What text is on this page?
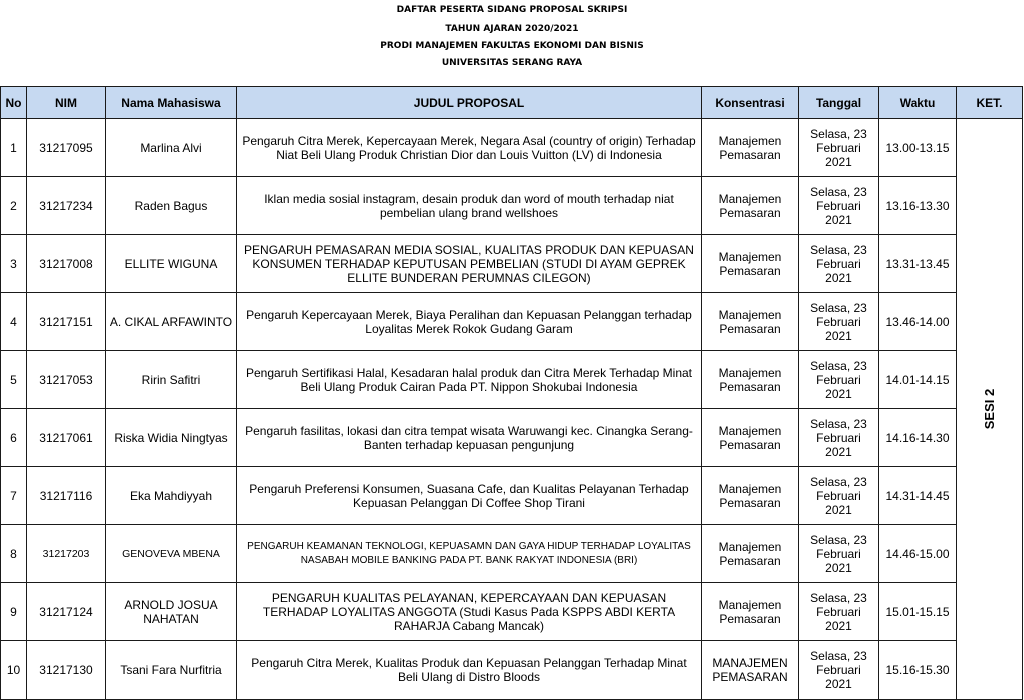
DAFTAR PESERTA SIDANG PROPOSAL SKRIPSI
TAHUN AJARAN 2020/2021
PRODI MANAJEMEN FAKULTAS EKONOMI DAN BISNIS
UNIVERSITAS SERANG RAYA
No	NIM	Nama Mahasiswa	JUDUL PROPOSAL	Konsentrasi	Tanggal	Waktu	KET.
1	31217095	Marlina Alvi	Pengaruh Citra Merek, Kepercayaan Merek, Negara Asal (country of origin) Terhadap Niat Beli Ulang Produk Christian Dior dan Louis Vuitton (LV) di Indonesia	Manajemen Pemasaran	Selasa, 23 Februari 2021	13.00-13.15	SESI 2

2	31217234	Raden Bagus	Iklan media sosial instagram, desain produk dan word of mouth terhadap niat pembelian ulang brand wellshoes	Manajemen Pemasaran	Selasa, 23 Februari 2021	13.16-13.30	
3	31217008	ELLITE WIGUNA	PENGARUH PEMASARAN MEDIA SOSIAL, KUALITAS PRODUK DAN KEPUASAN KONSUMEN TERHADAP KEPUTUSAN PEMBELIAN (STUDI DI AYAM GEPREK ELLITE BUNDERAN PERUMNAS CILEGON)	Manajemen Pemasaran	Selasa, 23 Februari 2021	13.31-13.45	
4	31217151	A. CIKAL ARFAWINTO	Pengaruh Kepercayaan Merek, Biaya Peralihan dan Kepuasan Pelanggan terhadap Loyalitas Merek Rokok Gudang Garam	Manajemen Pemasaran	Selasa, 23 Februari 2021	13.46-14.00	
5	31217053	Ririn Safitri	Pengaruh Sertifikasi Halal, Kesadaran halal produk dan Citra Merek Terhadap Minat Beli Ulang Produk Cairan Pada PT. Nippon Shokubai Indonesia	Manajemen Pemasaran	Selasa, 23 Februari 2021	14.01-14.15	
6	31217061	Riska Widia Ningtyas	Pengaruh fasilitas, lokasi dan citra tempat wisata Waruwangi kec. Cinangka Serang-Banten terhadap kepuasan pengunjung	Manajemen Pemasaran	Selasa, 23 Februari 2021	14.16-14.30	
7	31217116	Eka Mahdiyyah	Pengaruh Preferensi Konsumen, Suasana Cafe, dan Kualitas Pelayanan Terhadap Kepuasan Pelanggan Di Coffee Shop Tirani	Manajemen Pemasaran	Selasa, 23 Februari 2021	14.31-14.45	
8	31217203	GENOVEVA MBENA	PENGARUH KEAMANAN TEKNOLOGI, KEPUASAMN DAN GAYA HIDUP TERHADAP LOYALITAS NASABAH MOBILE BANKING PADA PT. BANK RAKYAT INDONESIA (BRI)	Manajemen Pemasaran	Selasa, 23 Februari 2021	14.46-15.00	
9	31217124	ARNOLD JOSUA NAHATAN	PENGARUH KUALITAS PELAYANAN, KEPERCAYAAN DAN KEPUASAN TERHADAP LOYALITAS ANGGOTA (Studi Kasus Pada KSPPS ABDI KERTA RAHARJA Cabang Mancak)	Manajemen Pemasaran	Selasa, 23 Februari 2021	15.01-15.15	
10	31217130	Tsani Fara Nurfitria	Pengaruh Citra Merek, Kualitas Produk dan Kepuasan Pelanggan Terhadap Minat Beli Ulang di Distro Bloods	MANAJEMEN PEMASARAN	Selasa, 23 Februari 2021	15.16-15.30	
